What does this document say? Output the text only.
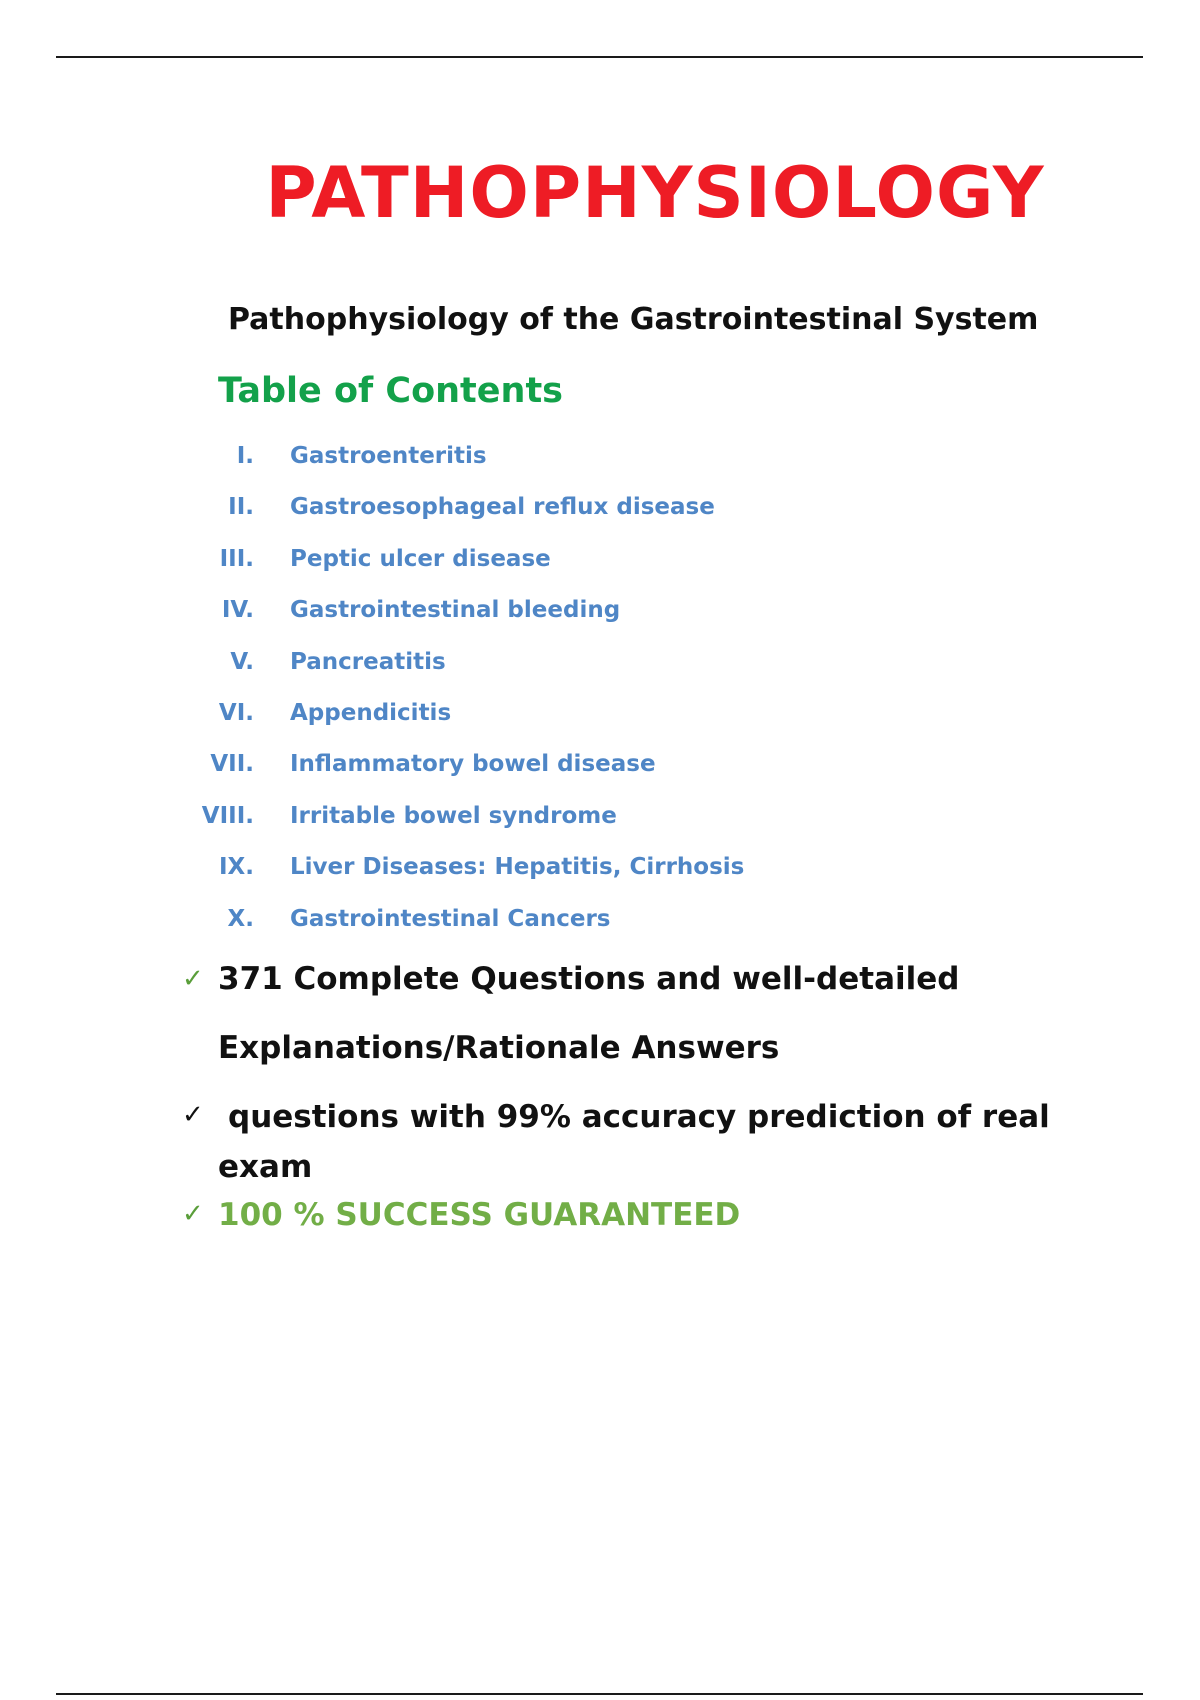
PATHOPHYSIOLOGY
Pathophysiology of the Gastrointestinal System
Table of Contents
I. Gastroenteritis
II. Gastroesophageal reflux disease
III. Peptic ulcer disease
IV. Gastrointestinal bleeding
V. Pancreatitis
VI. Appendicitis
VII. Inflammatory bowel disease
VIII. Irritable bowel syndrome
IX. Liver Diseases: Hepatitis, Cirrhosis
X. Gastrointestinal Cancers
✓ 371 Complete Questions and well-detailed
Explanations/Rationale Answers
✓ questions with 99% accuracy prediction of real
exam
✓ 100 % SUCCESS GUARANTEED
